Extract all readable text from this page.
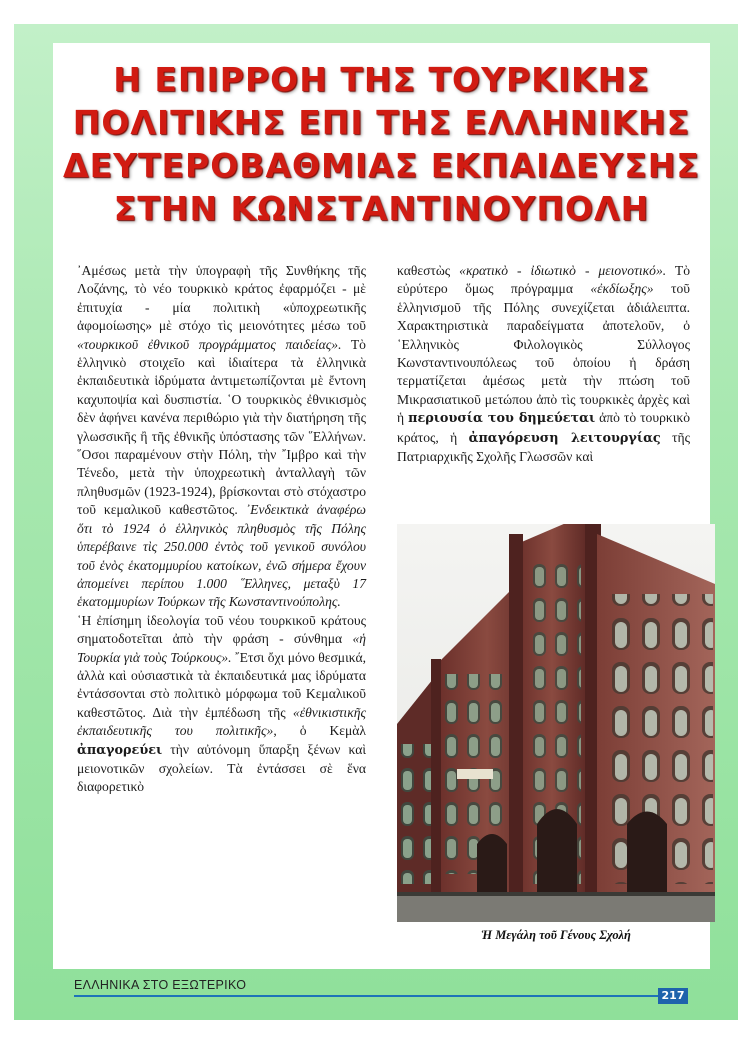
Η ΕΠΙΡΡΟΗ ΤΗΣ ΤΟΥΡΚΙΚΗΣ
ΠΟΛΙΤΙΚΗΣ ΕΠΙ ΤΗΣ ΕΛΛΗΝΙΚΗΣ
ΔΕΥΤΕΡΟΒΑΘΜΙΑΣ ΕΚΠΑΙΔΕΥΣΗΣ
ΣΤΗΝ ΚΩΝΣΤΑΝΤΙΝΟΥΠΟΛΗ

᾿Αμέσως μετὰ τὴν ὑπογραφὴ τῆς Συνθήκης τῆς Λοζάνης, τὸ νέο τουρκικὸ κράτος ἐφαρμόζει - μὲ ἐπιτυχία - μία πολιτικὴ «ὑποχρεωτικῆς ἀφομοίωσης» μὲ στόχο τὶς μειονότητες μέσω τοῦ «τουρκικοῦ ἐθνικοῦ προγράμματος παιδείας». Τὸ ἑλληνικὸ στοιχεῖο καὶ ἰδιαίτερα τὰ ἑλληνικὰ ἐκπαιδευτικὰ ἱδρύματα ἀντιμετωπίζονται μὲ ἔντονη καχυποψία καὶ δυσπιστία. ῾Ο τουρκικὸς ἐθνικισμὸς δὲν ἀφήνει κανένα περιθώριο γιὰ τὴν διατήρηση τῆς γλωσσικῆς ἢ τῆς ἐθνικῆς ὑπόστασης τῶν ῞Ελλήνων. ῞Οσοι παραμένουν στὴν Πόλη, τὴν ῎Ιμβρο καὶ τὴν Τένεδο, μετὰ τὴν ὑποχρεωτικὴ ἀνταλλαγὴ τῶν πληθυσμῶν (1923-1924), βρίσκονται στὸ στόχαστρο τοῦ κεμαλικοῦ καθεστῶτος. ᾿Ενδεικτικὰ ἀναφέρω ὅτι τὸ 1924 ὁ ἑλληνικὸς πληθυσμὸς τῆς Πόλης ὑπερέβαινε τὶς 250.000 ἐντὸς τοῦ γενικοῦ συνόλου τοῦ ἑνὸς ἑκατομμυρίου κατοίκων, ἐνῶ σήμερα ἔχουν ἀπομείνει περίπου 1.000 ῞Ελληνες, μεταξὺ 17 ἑκατομμυρίων Τούρκων τῆς Κωνσταντινούπολης.

῾Η ἐπίσημη ἰδεολογία τοῦ νέου τουρκικοῦ κράτους σηματοδοτεῖται ἀπὸ τὴν φράση - σύνθημα «ἡ Τουρκία γιὰ τοὺς Τούρκους». ῎Ετσι ὄχι μόνο θεσμικά, ἀλλὰ καὶ οὐσιαστικὰ τὰ ἐκπαιδευτικά μας ἱδρύματα ἐντάσσονται στὸ πολιτικὸ μόρφωμα τοῦ Κεμαλικοῦ καθεστῶτος. Διὰ τὴν ἐμπέδωση τῆς «ἐθνικιστικῆς ἐκπαιδευτικῆς του πολιτικῆς», ὁ Κεμὰλ ἀπαγορεύει τὴν αὐτόνομη ὕπαρξη ξένων καὶ μειονοτικῶν σχολείων. Τὰ ἐντάσσει σὲ ἕνα διαφορετικὸ

καθεστὼς «κρατικὸ - ἰδιωτικὸ - μειονοτικό». Τὸ εὐρύτερο ὅμως πρόγραμμα «ἐκδίωξης» τοῦ ἑλληνισμοῦ τῆς Πόλης συνεχίζεται ἀδιάλειπτα. Χαρακτηριστικὰ παραδείγματα ἀποτελοῦν, ὁ ῾Ελληνικὸς Φιλολογικὸς Σύλλογος Κωνσταντινουπόλεως τοῦ ὁποίου ἡ δράση τερματίζεται ἀμέσως μετὰ τὴν πτώση τοῦ Μικρασιατικοῦ μετώπου ἀπὸ τὶς τουρκικὲς ἀρχὲς καὶ ἡ περιουσία του δημεύεται ἀπὸ τὸ τουρκικὸ κράτος, ἡ ἀπαγόρευση λειτουργίας τῆς Πατριαρχικῆς Σχολῆς Γλωσσῶν καὶ

Ἡ Μεγάλη τοῦ Γένους Σχολή
ΕΛΛΗΝΙΚΑ ΣΤΟ ΕΞΩΤΕΡΙΚΟ
217
